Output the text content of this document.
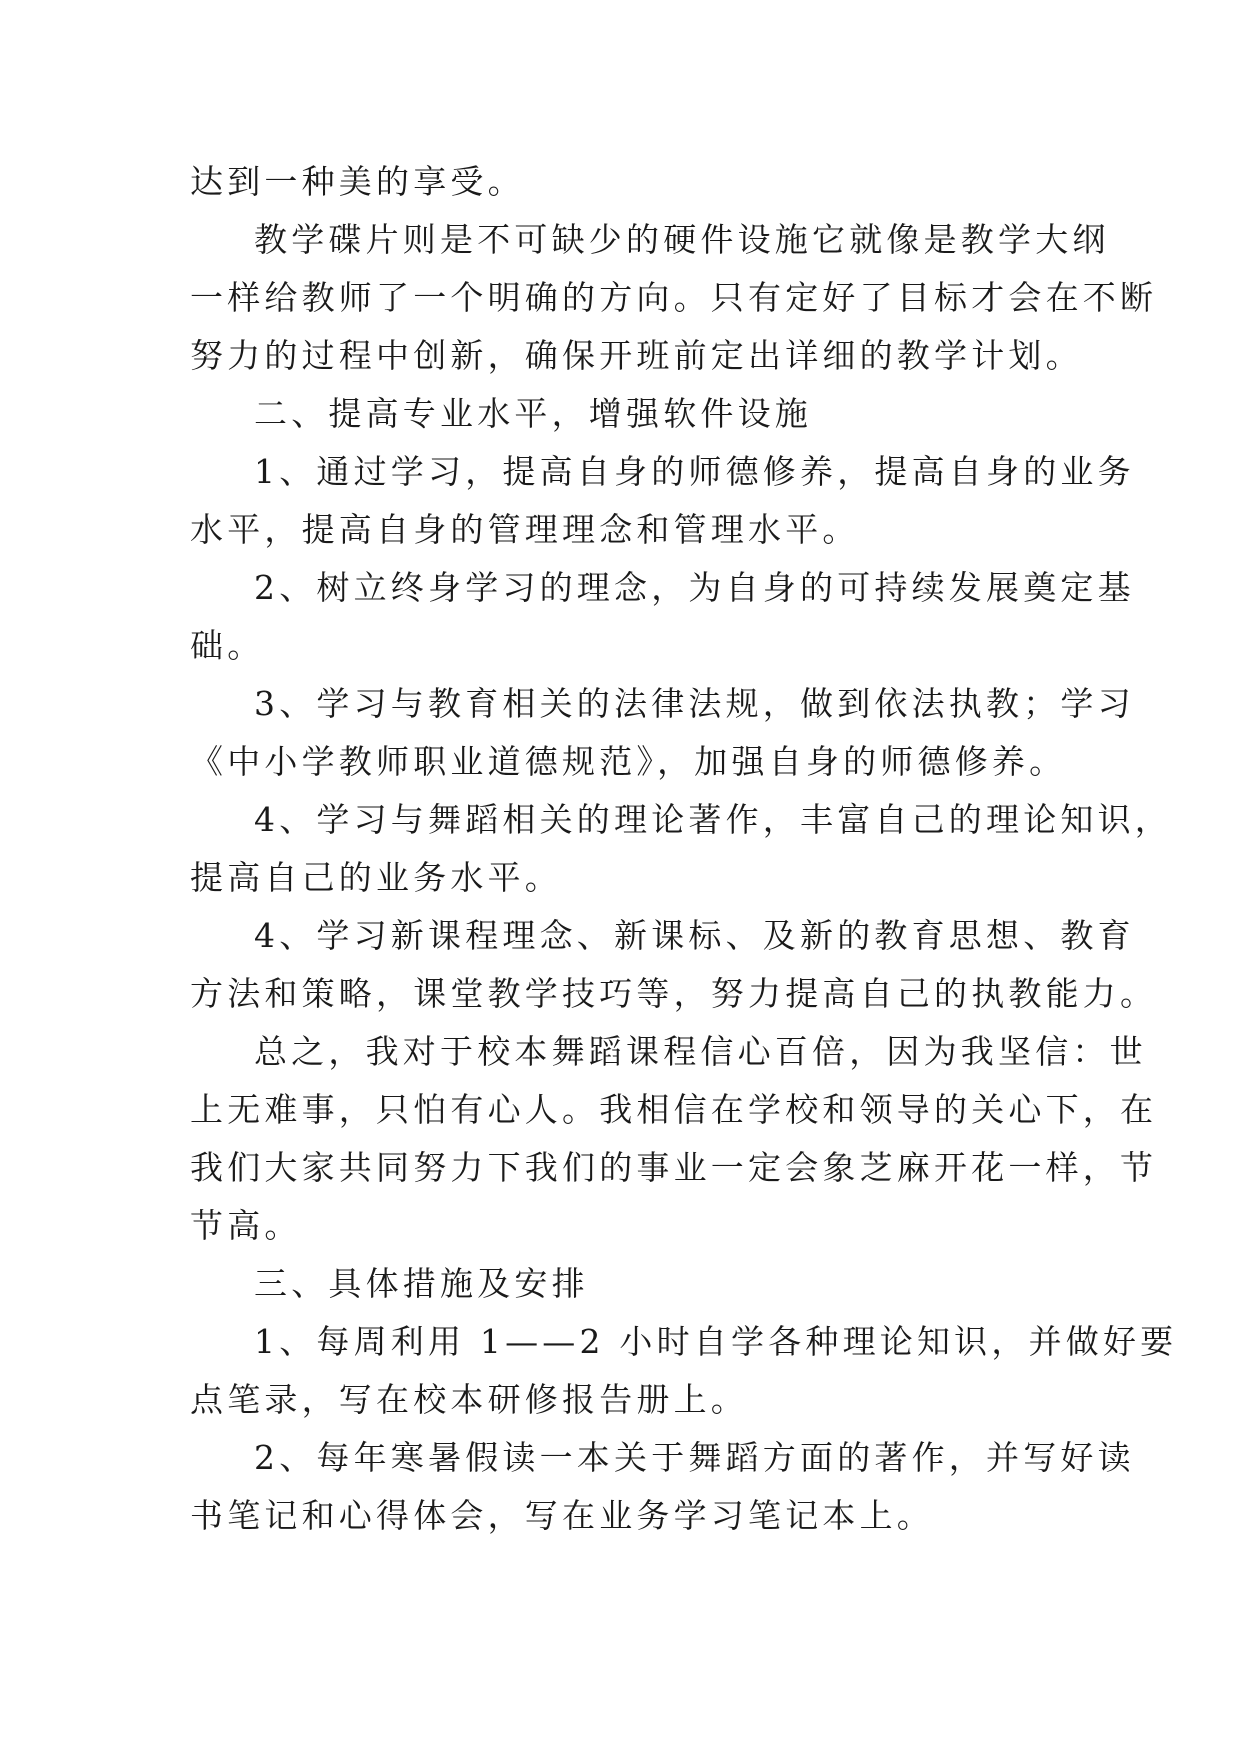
达到一种美的享受。
教学碟片则是不可缺少的硬件设施它就像是教学大纲
一样给教师了一个明确的方向。只有定好了目标才会在不断
努力的过程中创新，确保开班前定出详细的教学计划。
二、提高专业水平，增强软件设施
1、通过学习，提高自身的师德修养，提高自身的业务
水平，提高自身的管理理念和管理水平。
2、树立终身学习的理念，为自身的可持续发展奠定基
础。
3、学习与教育相关的法律法规，做到依法执教；学习
《中小学教师职业道德规范》，加强自身的师德修养。
4、学习与舞蹈相关的理论著作，丰富自己的理论知识，
提高自己的业务水平。
4、学习新课程理念、新课标、及新的教育思想、教育
方法和策略，课堂教学技巧等，努力提高自己的执教能力。
总之，我对于校本舞蹈课程信心百倍，因为我坚信：世
上无难事，只怕有心人。我相信在学校和领导的关心下，在
我们大家共同努力下我们的事业一定会象芝麻开花一样，节
节高。
三、具体措施及安排
1、每周利用 1——2 小时自学各种理论知识，并做好要
点笔录，写在校本研修报告册上。
2、每年寒暑假读一本关于舞蹈方面的著作，并写好读
书笔记和心得体会，写在业务学习笔记本上。
